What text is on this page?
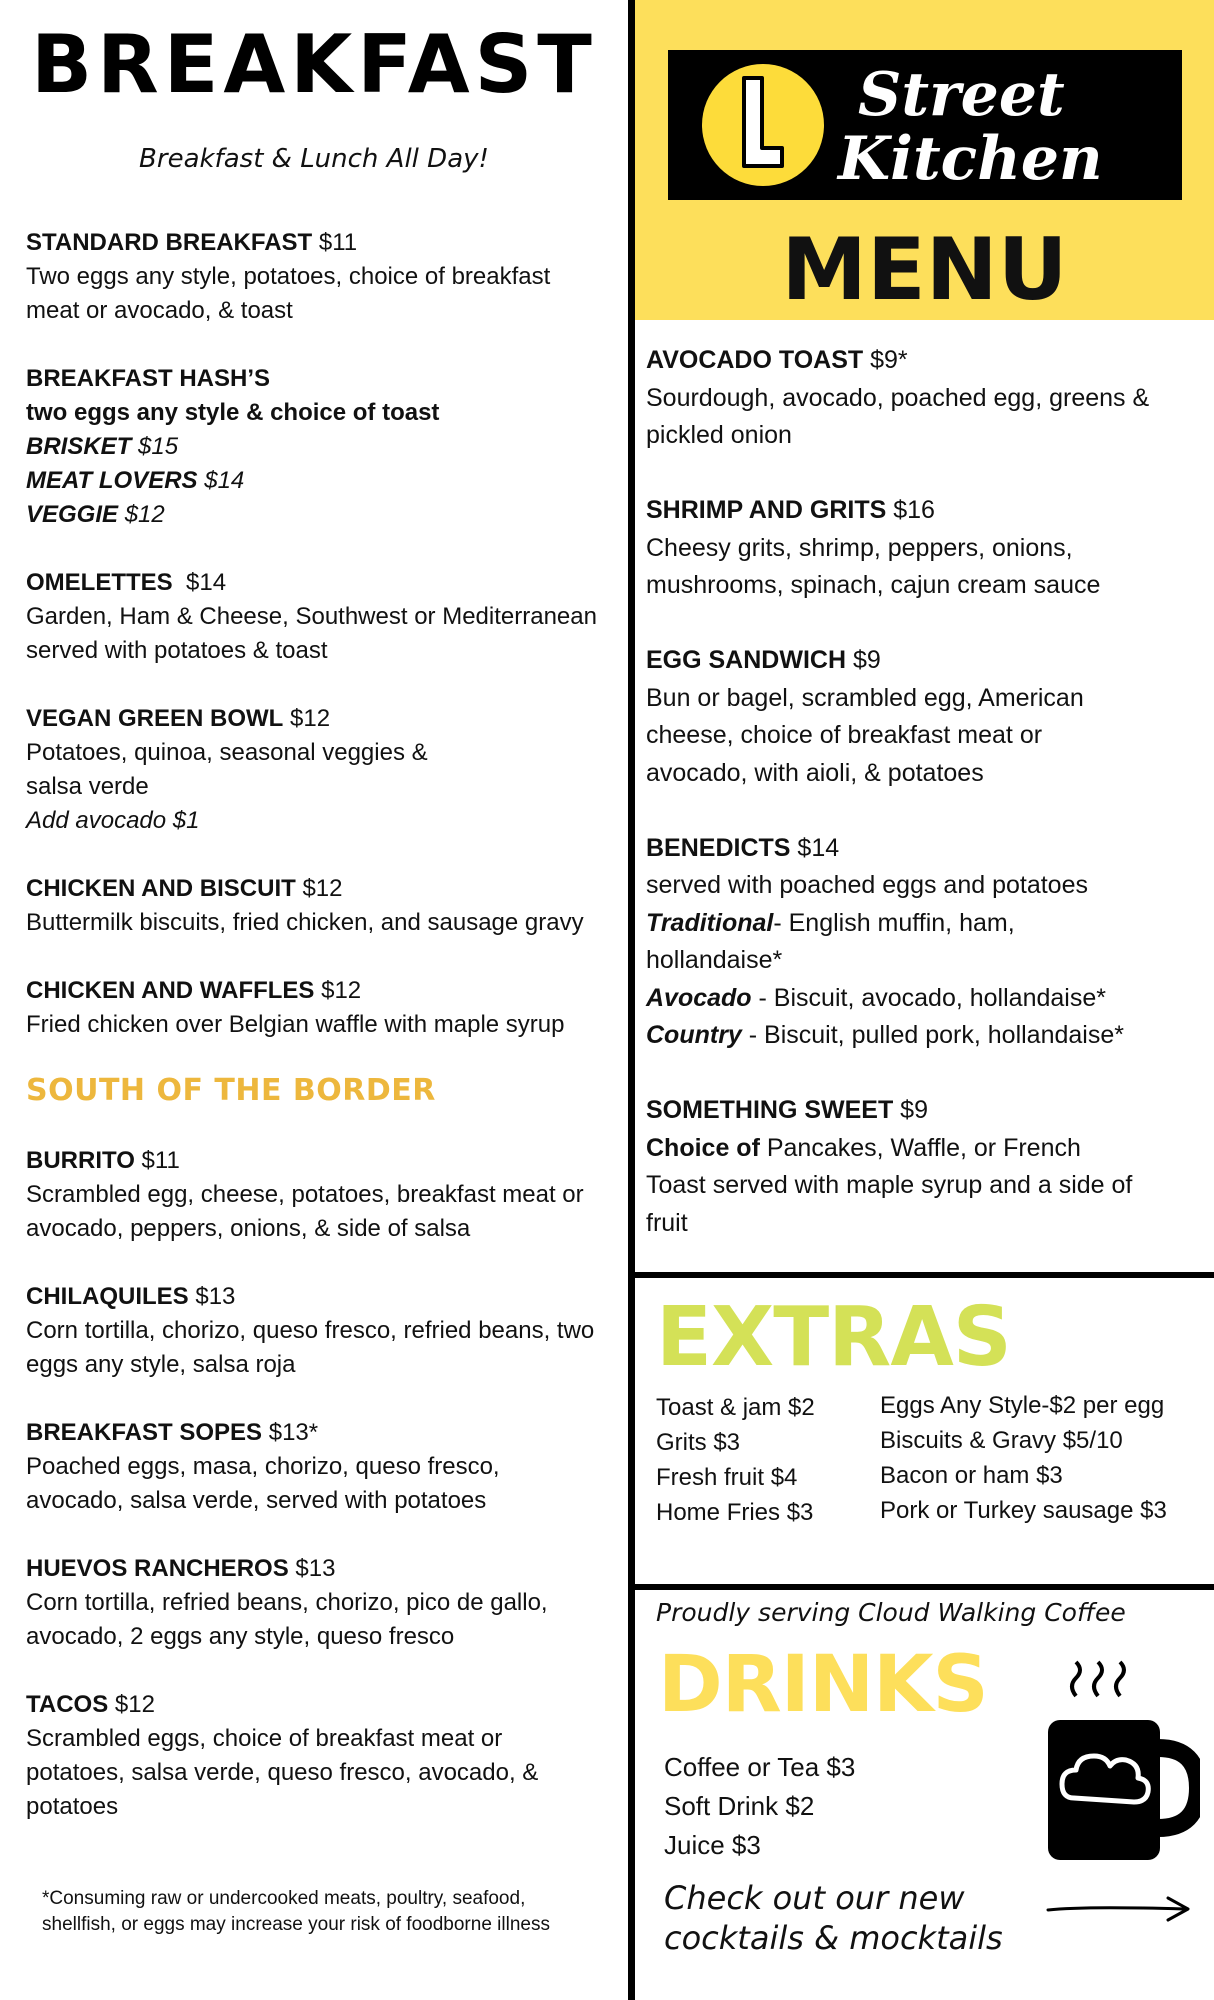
BREAKFAST
Breakfast & Lunch All Day!
STANDARD BREAKFAST $11
Two eggs any style, potatoes, choice of breakfast
meat or avocado, & toast
BREAKFAST HASH’S
two eggs any style & choice of toast
BRISKET $15
MEAT LOVERS $14
VEGGIE $12
OMELETTES  $14
Garden, Ham & Cheese, Southwest or Mediterranean
served with potatoes & toast
VEGAN GREEN BOWL $12
Potatoes, quinoa, seasonal veggies &
salsa verde
Add avocado $1
CHICKEN AND BISCUIT $12
Buttermilk biscuits, fried chicken, and sausage gravy
CHICKEN AND WAFFLES $12
Fried chicken over Belgian waffle with maple syrup
SOUTH OF THE BORDER
BURRITO $11
Scrambled egg, cheese, potatoes, breakfast meat or
avocado, peppers, onions, & side of salsa
CHILAQUILES $13
Corn tortilla, chorizo, queso fresco, refried beans, two
eggs any style, salsa roja
BREAKFAST SOPES $13*
Poached eggs, masa, chorizo, queso fresco,
avocado, salsa verde, served with potatoes
HUEVOS RANCHEROS $13
Corn tortilla, refried beans, chorizo, pico de gallo,
avocado, 2 eggs any style, queso fresco
TACOS $12
Scrambled eggs, choice of breakfast meat or
potatoes, salsa verde, queso fresco, avocado, &
potatoes
*Consuming raw or undercooked meats, poultry, seafood, shellfish, or eggs may increase your risk of foodborne illness
L Street
Kitchen
MENU
AVOCADO TOAST $9*
Sourdough, avocado, poached egg, greens &
pickled onion
SHRIMP AND GRITS $16
Cheesy grits, shrimp, peppers, onions,
mushrooms, spinach, cajun cream sauce
EGG SANDWICH $9
Bun or bagel, scrambled egg, American
cheese, choice of breakfast meat or
avocado, with aioli, & potatoes
BENEDICTS $14
served with poached eggs and potatoes
Traditional- English muffin, ham,
hollandaise*
Avocado - Biscuit, avocado, hollandaise*
Country - Biscuit, pulled pork, hollandaise*
SOMETHING SWEET $9
Choice of Pancakes, Waffle, or French
Toast served with maple syrup and a side of
fruit
EXTRAS
Toast & jam $2
Grits $3
Fresh fruit $4
Home Fries $3
Eggs Any Style-$2 per egg
Biscuits & Gravy $5/10
Bacon or ham $3
Pork or Turkey sausage $3
Proudly serving Cloud Walking Coffee
DRINKS
Coffee or Tea $3
Soft Drink $2
Juice $3
Check out our new
cocktails & mocktails
